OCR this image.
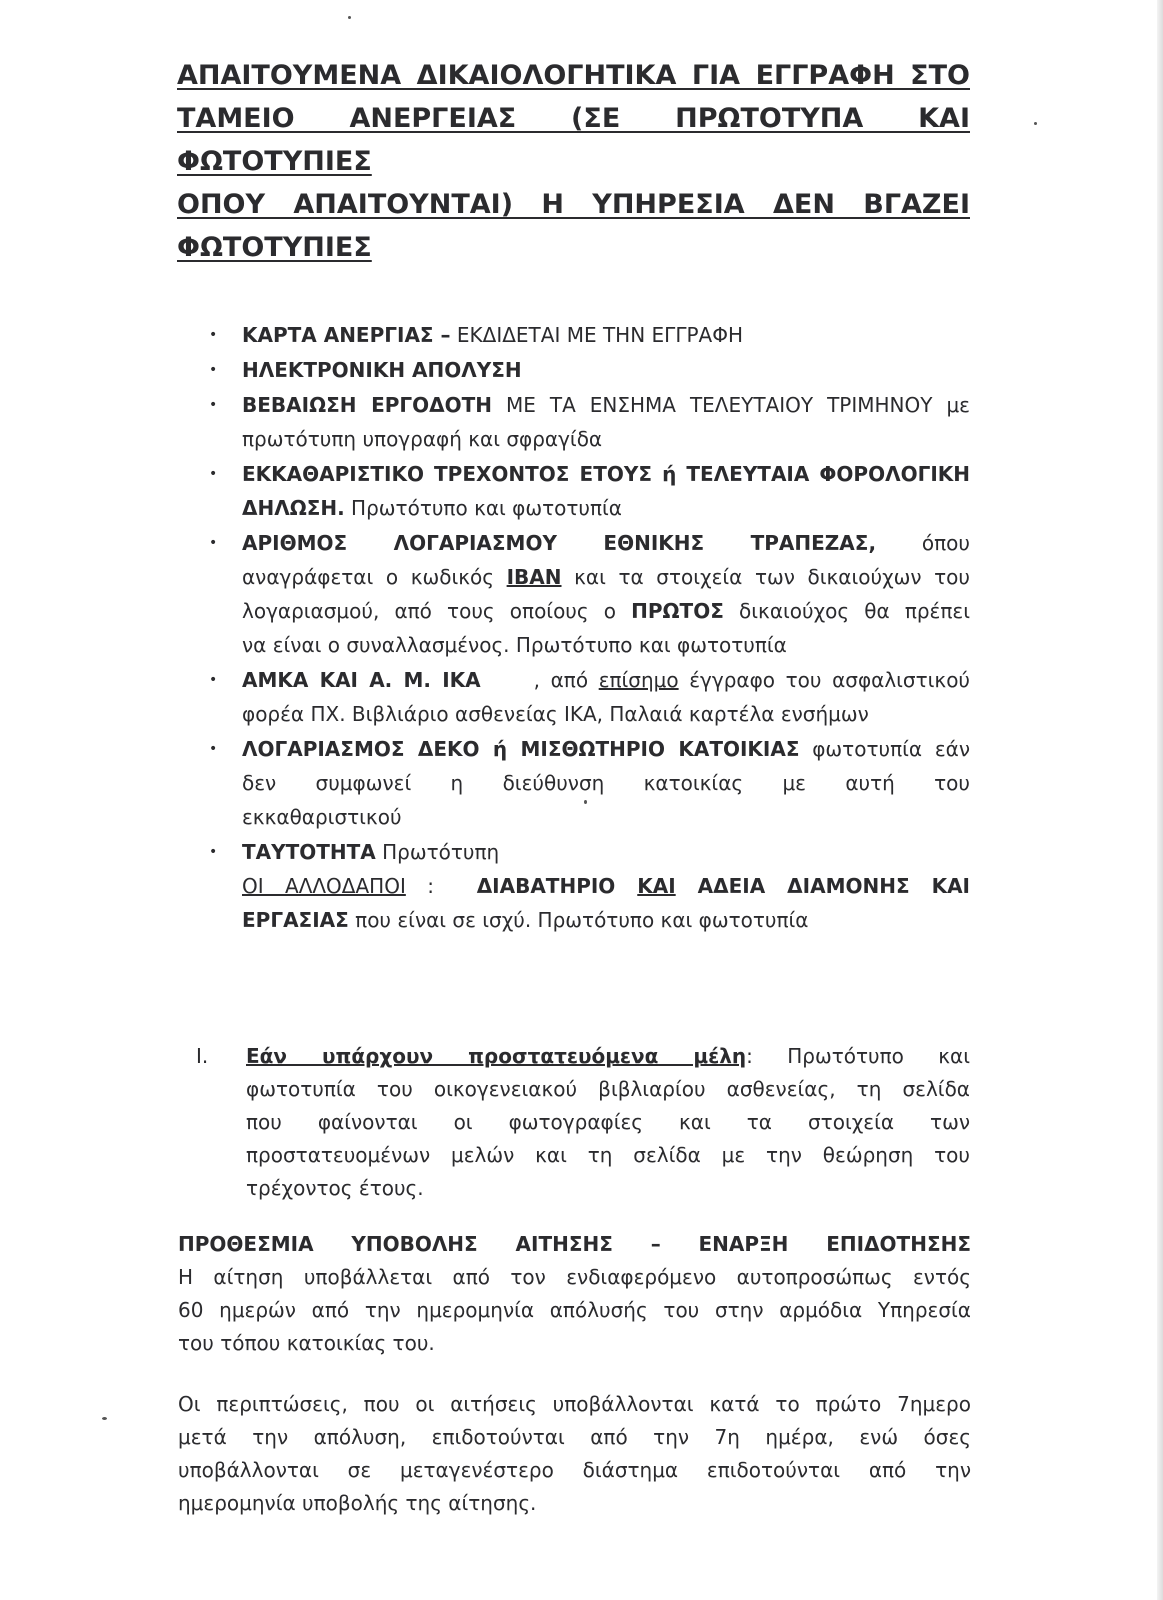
ΑΠΑΙΤΟΥΜΕΝΑ ΔΙΚΑΙΟΛΟΓΗΤΙΚΑ ΓΙΑ ΕΓΓΡΑΦΗ ΣΤΟ
ΤΑΜΕΙΟ ΑΝΕΡΓΕΙΑΣ (ΣΕ ΠΡΩΤΟΤΥΠΑ ΚΑΙ ΦΩΤΟΤΥΠΙΕΣ
ΟΠΟΥ ΑΠΑΙΤΟΥΝΤΑΙ) Η ΥΠΗΡΕΣΙΑ ΔΕΝ ΒΓΑΖΕΙ
ΦΩΤΟΤΥΠΙΕΣ
• ΚΑΡΤΑ ΑΝΕΡΓΙΑΣ – ΕΚΔΙΔΕΤΑΙ ΜΕ ΤΗΝ ΕΓΓΡΑΦΗ
• ΗΛΕΚΤΡΟΝΙΚΗ ΑΠΟΛΥΣΗ
• ΒΕΒΑΙΩΣΗ ΕΡΓΟΔΟΤΗ ΜΕ ΤΑ ΕΝΣΗΜΑ ΤΕΛΕΥΤΑΙΟΥ ΤΡΙΜΗΝΟΥ με
πρωτότυπη υπογραφή και σφραγίδα
• ΕΚΚΑΘΑΡΙΣΤΙΚΟ ΤΡΕΧΟΝΤΟΣ ΕΤΟΥΣ ή ΤΕΛΕΥΤΑΙΑ ΦΟΡΟΛΟΓΙΚΗ
ΔΗΛΩΣΗ. Πρωτότυπο και φωτοτυπία
• ΑΡΙΘΜΟΣ ΛΟΓΑΡΙΑΣΜΟΥ ΕΘΝΙΚΗΣ ΤΡΑΠΕΖΑΣ, όπου
αναγράφεται ο κωδικός IBAN και τα στοιχεία των δικαιούχων του
λογαριασμού, από τους οποίους ο ΠΡΩΤΟΣ δικαιούχος θα πρέπει
να είναι ο συναλλασμένος. Πρωτότυπο και φωτοτυπία
• ΑΜΚΑ ΚΑΙ Α. Μ. ΙΚΑ     , από επίσημο έγγραφο του ασφαλιστικού
φορέα ΠΧ. Βιβλιάριο ασθενείας ΙΚΑ, Παλαιά καρτέλα ενσήμων
• ΛΟΓΑΡΙΑΣΜΟΣ ΔΕΚΟ ή ΜΙΣΘΩΤΗΡΙΟ ΚΑΤΟΙΚΙΑΣ φωτοτυπία εάν
δεν συμφωνεί η διεύθυνση κατοικίας με αυτή του
εκκαθαριστικού
• ΤΑΥΤΟΤΗΤΑ Πρωτότυπη
ΟΙ ΑΛΛΟΔΑΠΟΙ :  ΔΙΑΒΑΤΗΡΙΟ ΚΑΙ ΑΔΕΙΑ ΔΙΑΜΟΝΗΣ ΚΑΙ
ΕΡΓΑΣΙΑΣ που είναι σε ισχύ. Πρωτότυπο και φωτοτυπία
I. Εάν υπάρχουν προστατευόμενα μέλη: Πρωτότυπο και
φωτοτυπία του οικογενειακού βιβλιαρίου ασθενείας, τη σελίδα
που φαίνονται οι φωτογραφίες και τα στοιχεία των
προστατευομένων μελών και τη σελίδα με την θεώρηση του
τρέχοντος έτους.
ΠΡΟΘΕΣΜΙΑ ΥΠΟΒΟΛΗΣ ΑΙΤΗΣΗΣ – ΕΝΑΡΞΗ ΕΠΙΔΟΤΗΣΗΣ
Η αίτηση υποβάλλεται από τον ενδιαφερόμενο αυτοπροσώπως εντός
60 ημερών από την ημερομηνία απόλυσής του στην αρμόδια Υπηρεσία
του τόπου κατοικίας του.
Οι περιπτώσεις, που οι αιτήσεις υποβάλλονται κατά το πρώτο 7ημερο
μετά την απόλυση, επιδοτούνται από την 7η ημέρα, ενώ όσες
υποβάλλονται σε μεταγενέστερο διάστημα επιδοτούνται από την
ημερομηνία υποβολής της αίτησης.
